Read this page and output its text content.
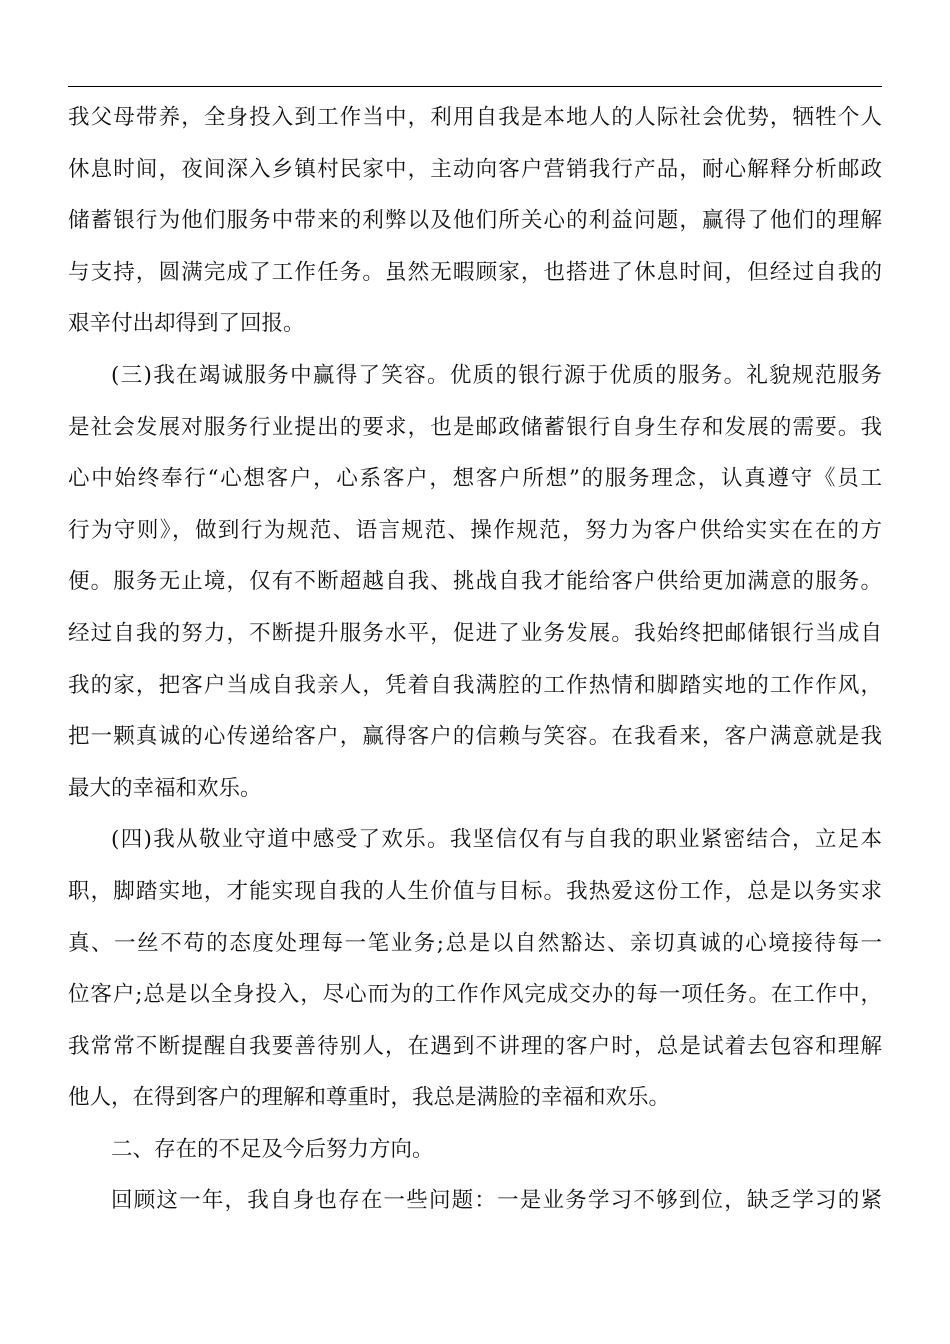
我父母带养，全身投入到工作当中，利用自我是本地人的人际社会优势，牺牲个人
休息时间，夜间深入乡镇村民家中，主动向客户营销我行产品，耐心解释分析邮政
储蓄银行为他们服务中带来的利弊以及他们所关心的利益问题，赢得了他们的理解
与支持，圆满完成了工作任务。虽然无暇顾家，也搭进了休息时间，但经过自我的
艰辛付出却得到了回报。
(三)我在竭诚服务中赢得了笑容。优质的银行源于优质的服务。礼貌规范服务
是社会发展对服务行业提出的要求，也是邮政储蓄银行自身生存和发展的需要。我
心中始终奉行“心想客户，心系客户，想客户所想”的服务理念，认真遵守《员工
行为守则》，做到行为规范、语言规范、操作规范，努力为客户供给实实在在的方
便。服务无止境，仅有不断超越自我、挑战自我才能给客户供给更加满意的服务。
经过自我的努力，不断提升服务水平，促进了业务发展。我始终把邮储银行当成自
我的家，把客户当成自我亲人，凭着自我满腔的工作热情和脚踏实地的工作作风，
把一颗真诚的心传递给客户，赢得客户的信赖与笑容。在我看来，客户满意就是我
最大的幸福和欢乐。
(四)我从敬业守道中感受了欢乐。我坚信仅有与自我的职业紧密结合，立足本
职，脚踏实地，才能实现自我的人生价值与目标。我热爱这份工作，总是以务实求
真、一丝不苟的态度处理每一笔业务;总是以自然豁达、亲切真诚的心境接待每一
位客户;总是以全身投入，尽心而为的工作作风完成交办的每一项任务。在工作中，
我常常不断提醒自我要善待别人，在遇到不讲理的客户时，总是试着去包容和理解
他人，在得到客户的理解和尊重时，我总是满脸的幸福和欢乐。
二、存在的不足及今后努力方向。
回顾这一年，我自身也存在一些问题：一是业务学习不够到位，缺乏学习的紧
